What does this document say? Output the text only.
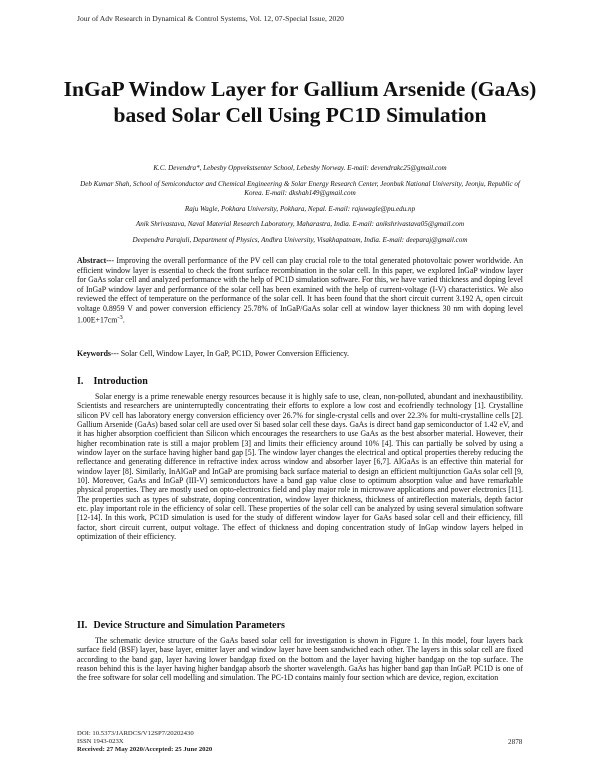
Jour of Adv Research in Dynamical & Control Systems, Vol. 12, 07-Special Issue, 2020
InGaP Window Layer for Gallium Arsenide (GaAs) based Solar Cell Using PC1D Simulation

K.C. Devendra*, Lebesby Oppvekstsenter School, Lebesby Norway. E-mail: devendrakc25@gmail.com

Deb Kumar Shah, School of Semiconductor and Chemical Engineering & Solar Energy Research Center, Jeonbuk National University, Jeonju, Republic of Korea. E-mail: dkshah149@gmail.com

Raju Wagle, Pokhara University, Pokhara, Nepal. E-mail: rajuwagle@pu.edu.np

Anik Shrivastava, Naval Material Research Laboratory, Maharastra, India. E-mail: anikshrivastava05@gmail.com

Deependra Parajuli, Department of Physics, Andhra University, Visakhapatnam, India. E-mail: deeparaj@gmail.com

Abstract--- Improving the overall performance of the PV cell can play crucial role to the total generated photovoltaic power worldwide. An efficient window layer is essential to check the front surface recombination in the solar cell. In this paper, we explored InGaP window layer for GaAs solar cell and analyzed performance with the help of PC1D simulation software. For this, we have varied thickness and doping level of InGaP window layer and performance of the solar cell has been examined with the help of current-voltage (I-V) characteristics. We also reviewed the effect of temperature on the performance of the solar cell. It has been found that the short circuit current 3.192 A, open circuit voltage 0.8959 V and power conversion efficiency 25.78% of InGaP/GaAs solar cell at window layer thickness 30 nm with doping level $1.00E+17cm^{-3}$.

Keywords--- Solar Cell, Window Layer, In GaP, PC1D, Power Conversion Efficiency.

I. Introduction

Solar energy is a prime renewable energy resources because it is highly safe to use, clean, non-polluted, abundant and inexhaustibility. Scientists and researchers are uninterruptedly concentrating their efforts to explore a low cost and ecofriendly technology [1]. Crystalline silicon PV cell has laboratory energy conversion efficiency over 26.7% for single-crystal cells and over 22.3% for multi-crystalline cells [2]. Gallium Arsenide (GaAs) based solar cell are used over Si based solar cell these days. GaAs is direct band gap semiconductor of 1.42 eV, and it has higher absorption coefficient than Silicon which encourages the researchers to use GaAs as the best absorber material. However, their higher recombination rate is still a major problem [3] and limits their efficiency around 10% [4]. This can partially be solved by using a window layer on the surface having higher band gap [5]. The window layer changes the electrical and optical properties thereby reducing the reflectance and generating difference in refractive index across window and absorber layer [6,7]. AlGaAs is an effective thin material for window layer [8]. Similarly, InAlGaP and InGaP are promising back surface material to design an efficient multijunction GaAs solar cell [9, 10]. Moreover, GaAs and InGaP (III-V) semiconductors have a band gap value close to optimum absorption value and have remarkable physical properties. They are mostly used on opto-electronics field and play major role in microwave applications and power electronics [11]. The properties such as types of substrate, doping concentration, window layer thickness, thickness of antireflection materials, depth factor etc. play important role in the efficiency of solar cell. These properties of the solar cell can be analyzed by using several simulation software [12-14]. In this work, PC1D simulation is used for the study of different window layer for GaAs based solar cell and their efficiency, fill factor, short circuit current, output voltage. The effect of thickness and doping concentration study of InGap window layers helped in optimization of their efficiency.

II. Device Structure and Simulation Parameters

The schematic device structure of the GaAs based solar cell for investigation is shown in Figure 1. In this model, four layers back surface field (BSF) layer, base layer, emitter layer and window layer have been sandwiched each other. The layers in this solar cell are fixed according to the band gap, layer having lower bandgap fixed on the bottom and the layer having higher bandgap on the top surface. The reason behind this is the layer having higher bandgap absorb the shorter wavelength. GaAs has higher band gap than InGaP. PC1D is one of the free software for solar cell modelling and simulation. The PC-1D contains mainly four section which are device, region, excitation

DOI: 10.5373/JARDCS/V12SP7/20202430
ISSN 1943-023X
Received: 27 May 2020/Accepted: 25 June 2020
2878
